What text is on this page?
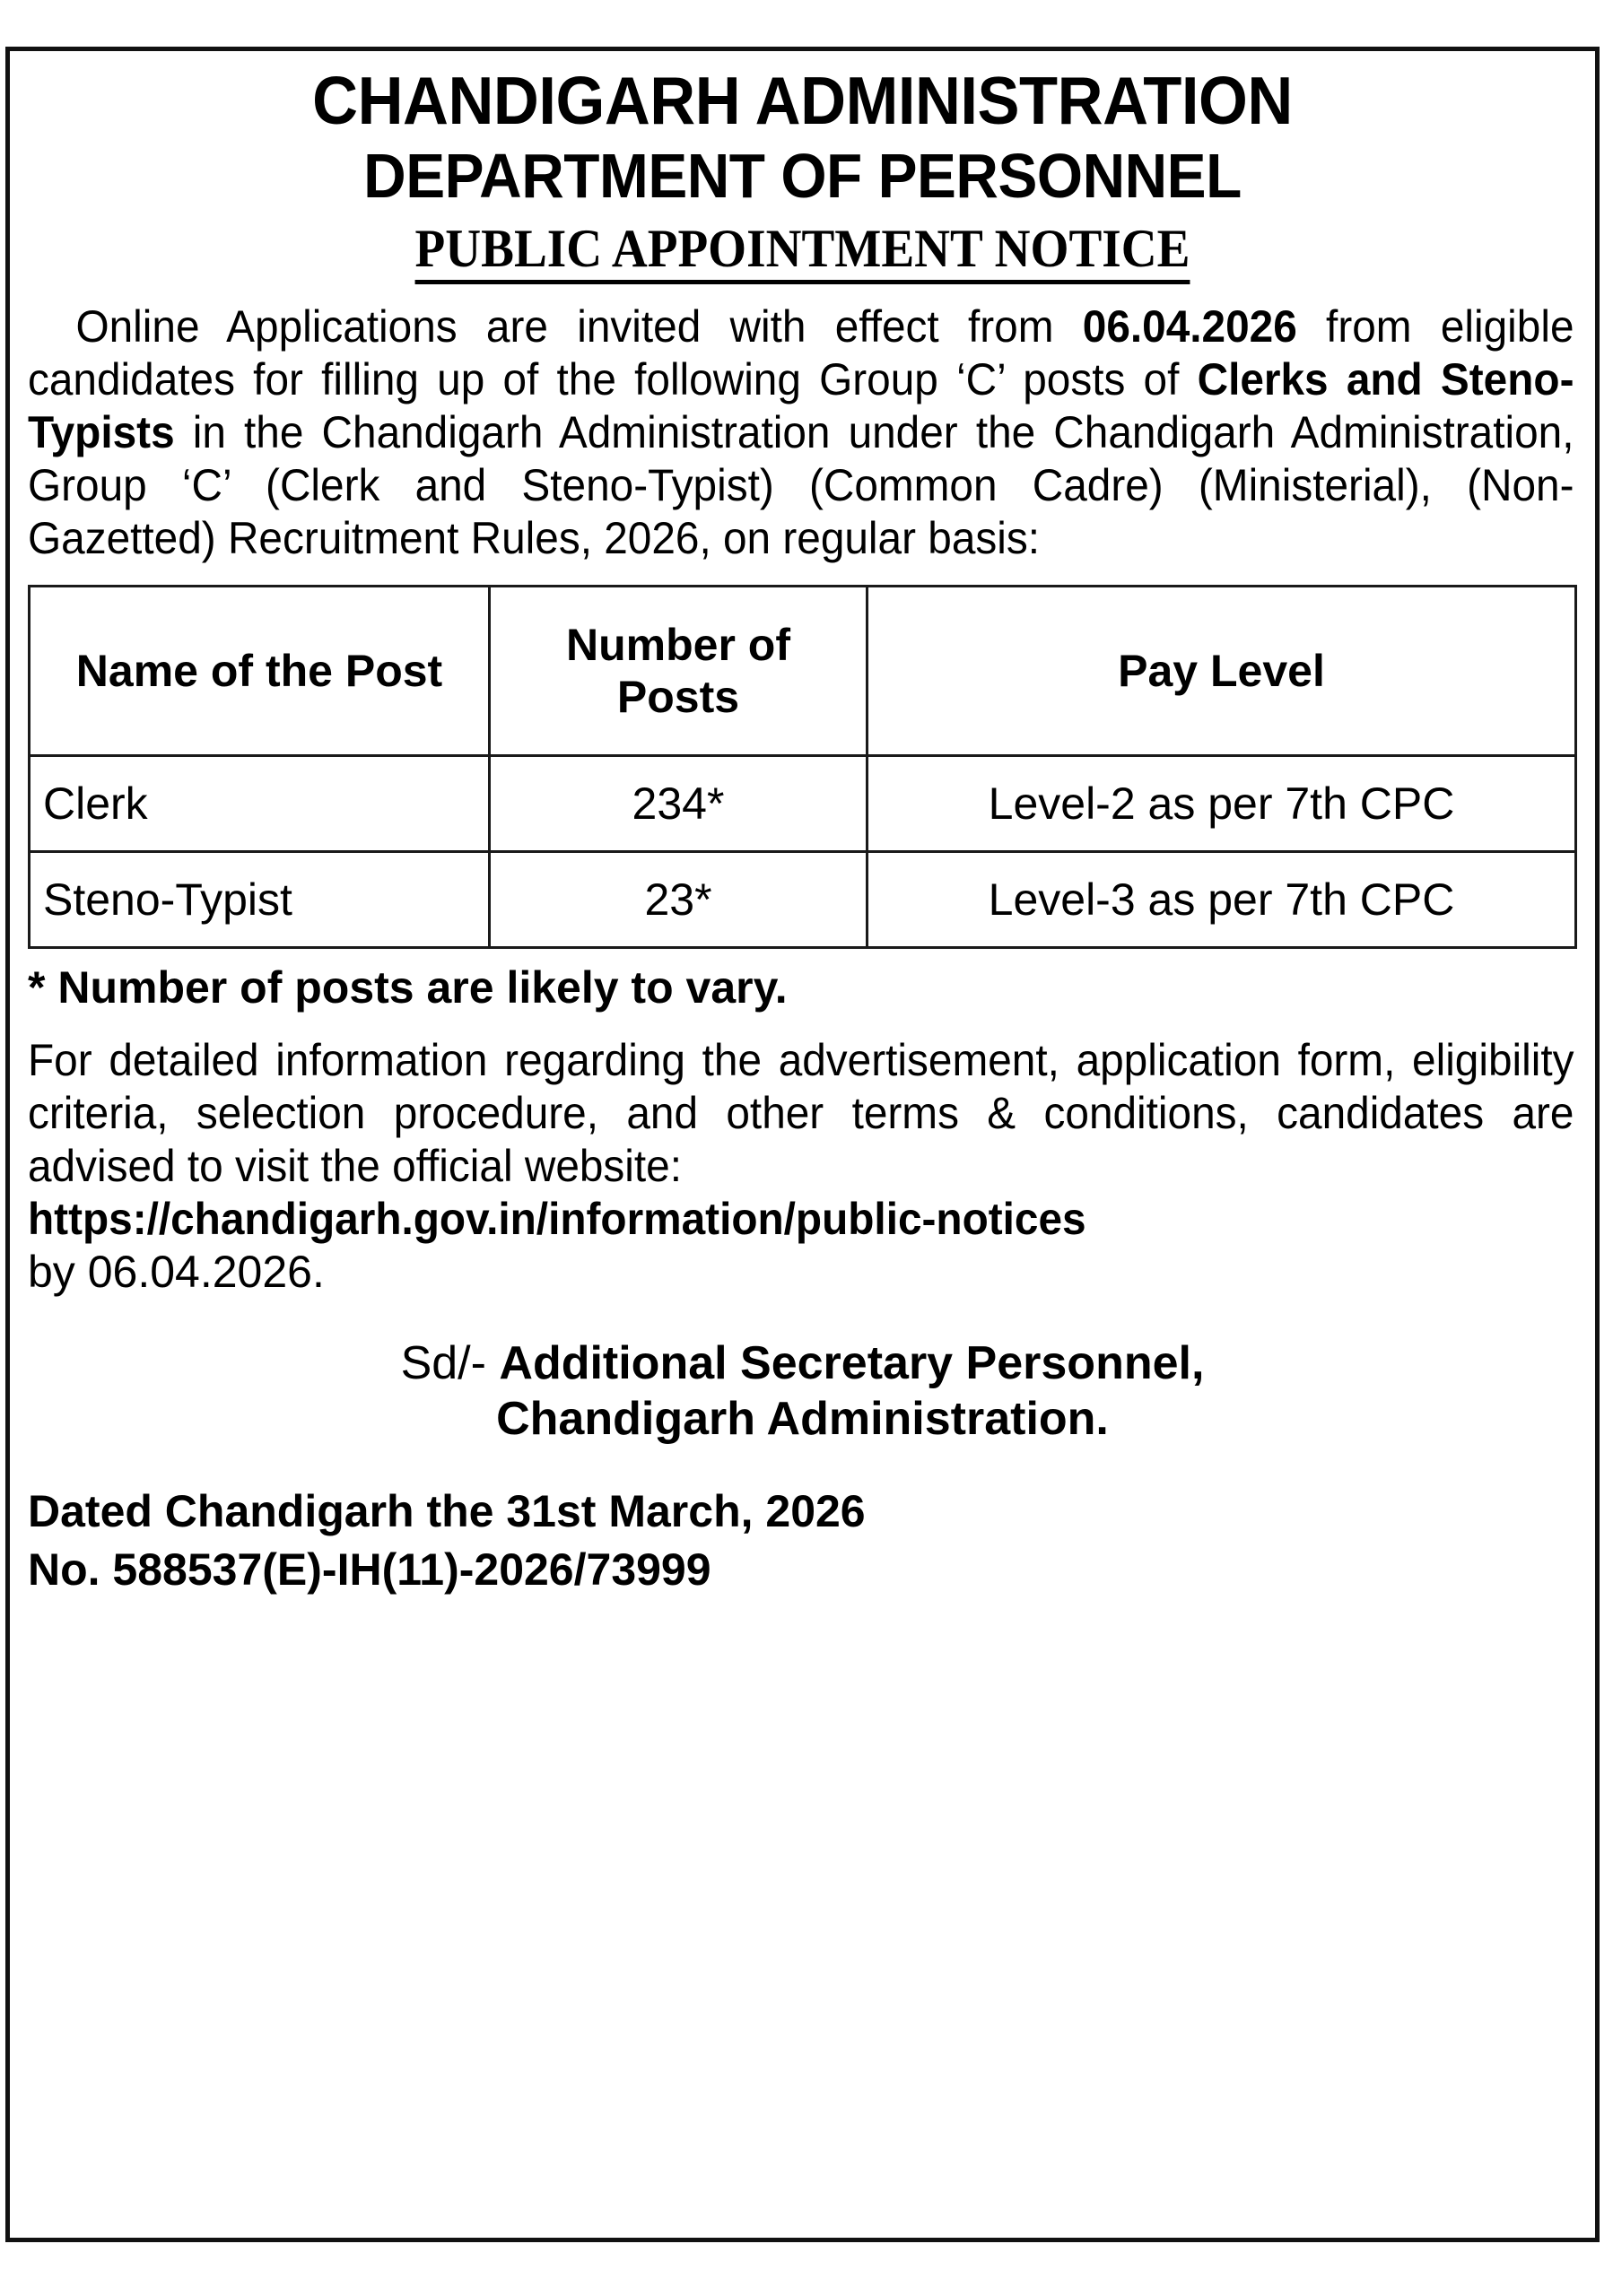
CHANDIGARH ADMINISTRATION
DEPARTMENT OF PERSONNEL
PUBLIC APPOINTMENT NOTICE

Online Applications are invited with effect from 06.04.2026 from eligible candidates for filling up of the following Group ‘C’ posts of Clerks and Steno-Typists in the Chandigarh Administration under the Chandigarh Administration, Group ‘C’ (Clerk and Steno-Typist) (Common Cadre) (Ministerial), (Non-Gazetted) Recruitment Rules, 2026, on regular basis:

Name of the Post	Number of Posts	Pay Level
Clerk	234*	Level-2 as per 7th CPC
Steno-Typist	23*	Level-3 as per 7th CPC
* Number of posts are likely to vary.

For detailed information regarding the advertisement, application form, eligibility criteria, selection procedure, and other terms & conditions, candidates are advised to visit the official website:

https://chandigarh.gov.in/information/public-notices

by 06.04.2026.

Sd/- Additional Secretary Personnel,
Chandigarh Administration.
Dated Chandigarh the 31st March, 2026
No. 588537(E)-IH(11)-2026/73999
